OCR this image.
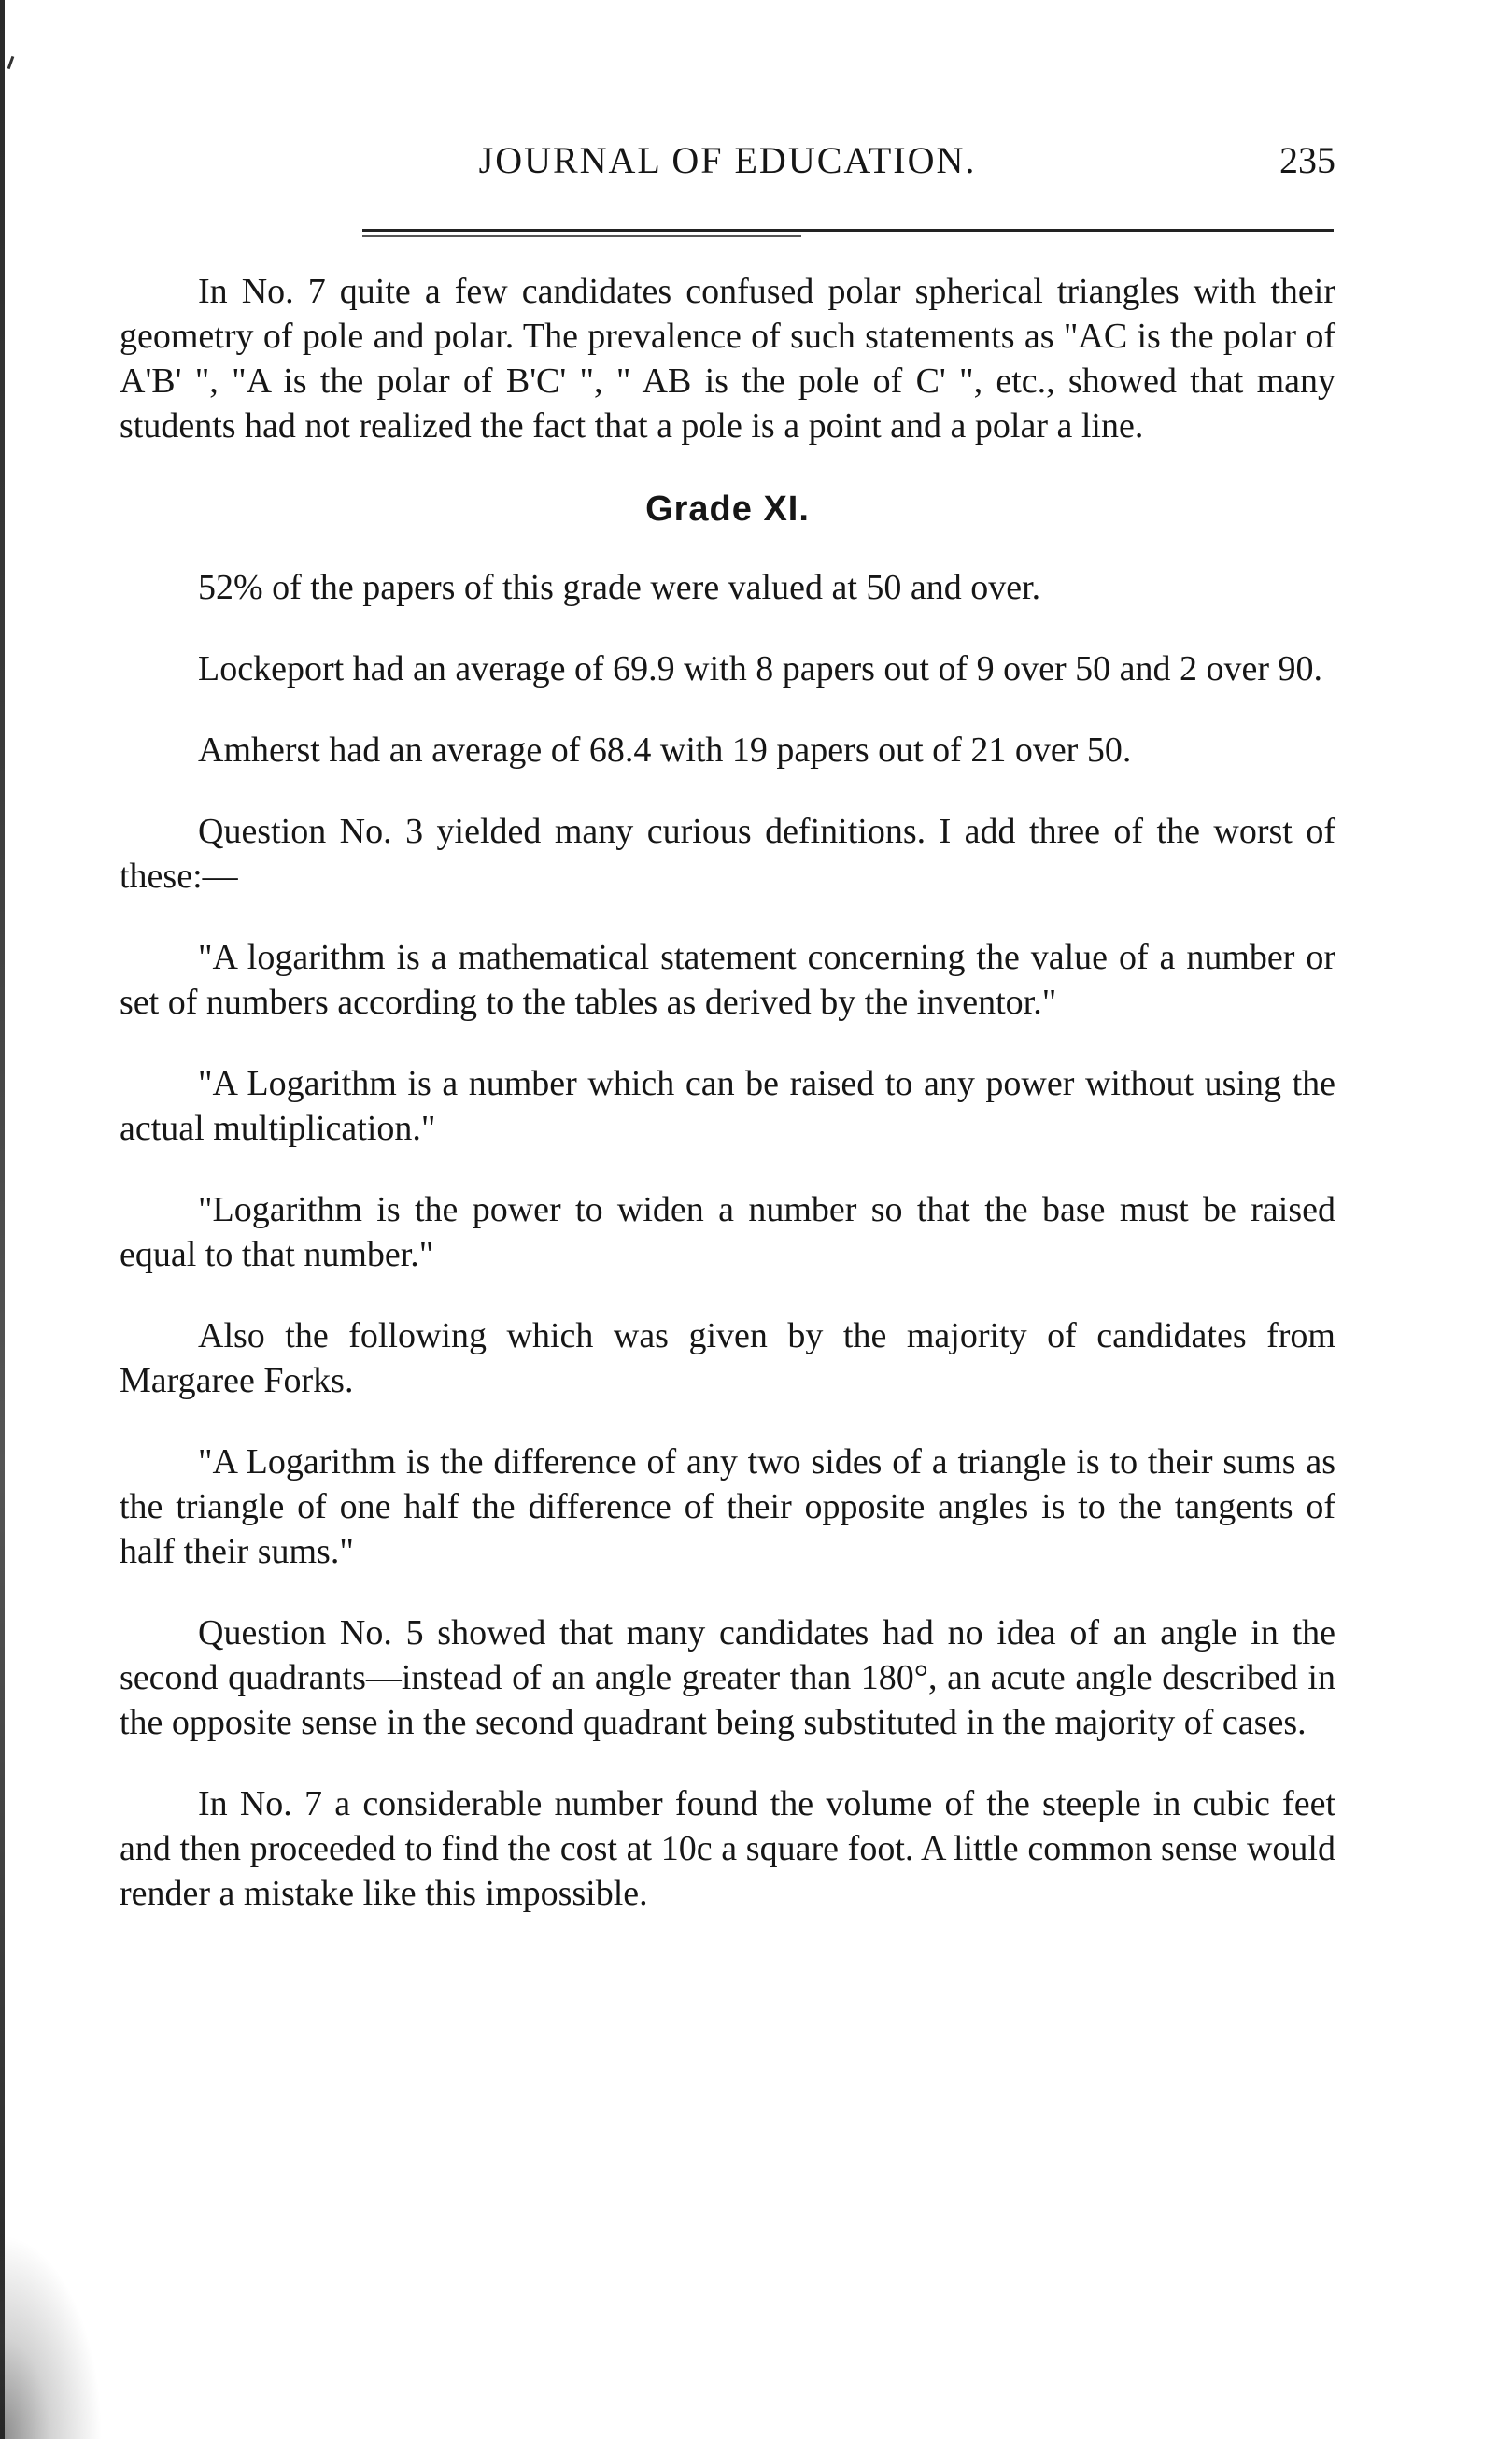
JOURNAL OF EDUCATION.	235

In No. 7 quite a few candidates confused polar spherical triangles with their geometry of pole and polar. The prevalence of such statements as "AC is the polar of A'B' ", "A is the polar of B'C' ", " AB is the pole of C' ", etc., showed that many students had not realized the fact that a pole is a point and a polar a line.

Grade XI.

52% of the papers of this grade were valued at 50 and over.

Lockeport had an average of 69.9 with 8 papers out of 9 over 50 and 2 over 90.

Amherst had an average of 68.4 with 19 papers out of 21 over 50.

Question No. 3 yielded many curious definitions. I add three of the worst of these:—

"A logarithm is a mathematical statement concerning the value of a number or set of numbers according to the tables as derived by the inventor."

"A Logarithm is a number which can be raised to any power without using the actual multiplication."

"Logarithm is the power to widen a number so that the base must be raised equal to that number."

Also the following which was given by the majority of candidates from Margaree Forks.

"A Logarithm is the difference of any two sides of a triangle is to their sums as the triangle of one half the difference of their opposite angles is to the tangents of half their sums."

Question No. 5 showed that many candidates had no idea of an angle in the second quadrants—instead of an angle greater than 180°, an acute angle described in the opposite sense in the second quadrant being substituted in the majority of cases.

In No. 7 a considerable number found the volume of the steeple in cubic feet and then proceeded to find the cost at 10c a square foot. A little common sense would render a mistake like this impossible.
